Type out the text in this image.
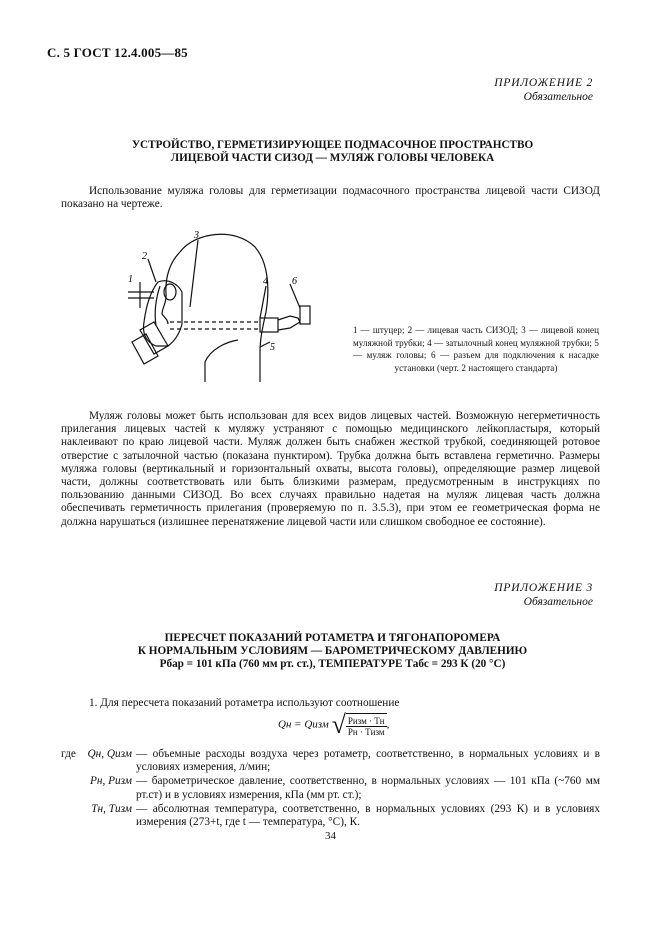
С. 5 ГОСТ 12.4.005—85
ПРИЛОЖЕНИЕ 2
Обязательное
УСТРОЙСТВО, ГЕРМЕТИЗИРУЮЩЕЕ ПОДМАСОЧНОЕ ПРОСТРАНСТВО
ЛИЦЕВОЙ ЧАСТИ СИЗОД — МУЛЯЖ ГОЛОВЫ ЧЕЛОВЕКА
Использование муляжа головы для герметизации подмасочного пространства лицевой части СИЗОД показано на чертеже.
2
3
1	4 6
5
1 — штуцер; 2 — лицевая часть СИЗОД; 3 — лицевой конец муляжной трубки; 4 — затылочный конец муляжной трубки; 5 — муляж головы; 6 — разъем для подключения к насадке установки (черт. 2 настоящего стандарта)
Муляж головы может быть использован для всех видов лицевых частей. Возможную негерметичность прилегания лицевых частей к муляжу устраняют с помощью медицинского лейкопластыря, который наклеивают по краю лицевой части. Муляж должен быть снабжен жесткой трубкой, соединяющей ротовое отверстие с затылочной частью (показана пунктиром). Трубка должна быть вставлена герметично. Размеры муляжа головы (вертикальный и горизонтальный охваты, высота головы), определяющие размер лицевой части, должны соответствовать или быть близкими размерам, предусмотренным в инструкциях по пользованию данными СИЗОД. Во всех случаях правильно надетая на муляж лицевая часть должна обеспечивать герметичность прилегания (проверяемую по п. 3.5.3), при этом ее геометрическая форма не должна нарушаться (излишнее перенатяжение лицевой части или слишком свободное ее состояние).
ПРИЛОЖЕНИЕ 3
Обязательное
ПЕРЕСЧЕТ ПОКАЗАНИЙ РОТАМЕТРА И ТЯГОНАПОРОМЕРА
К НОРМАЛЬНЫМ УСЛОВИЯМ — БАРОМЕТРИЧЕСКОМУ ДАВЛЕНИЮ
Pбар = 101 кПа (760 мм рт. ст.), ТЕМПЕРАТУРЕ Tабс = 293 К (20 °С)
1. Для пересчета показаний ротаметра используют соотношение
Qн = Qизм √ $\frac{\text{Pизм · Tн}}{\text{Pн · Tизм}}$ ,
где Qн, Qизм — объемные расходы воздуха через ротаметр, соответственно, в нормальных условиях и в условиях измерения, л/мин;
Pн, Pизм — барометрическое давление, соответственно, в нормальных условиях — 101 кПа (~760 мм рт.ст) и в условиях измерения, кПа (мм рт. ст.);
Tн, Tизм — абсолютная температура, соответственно, в нормальных условиях (293 К) и в условиях измерения (273+t, где t — температура, °С), К.
34
